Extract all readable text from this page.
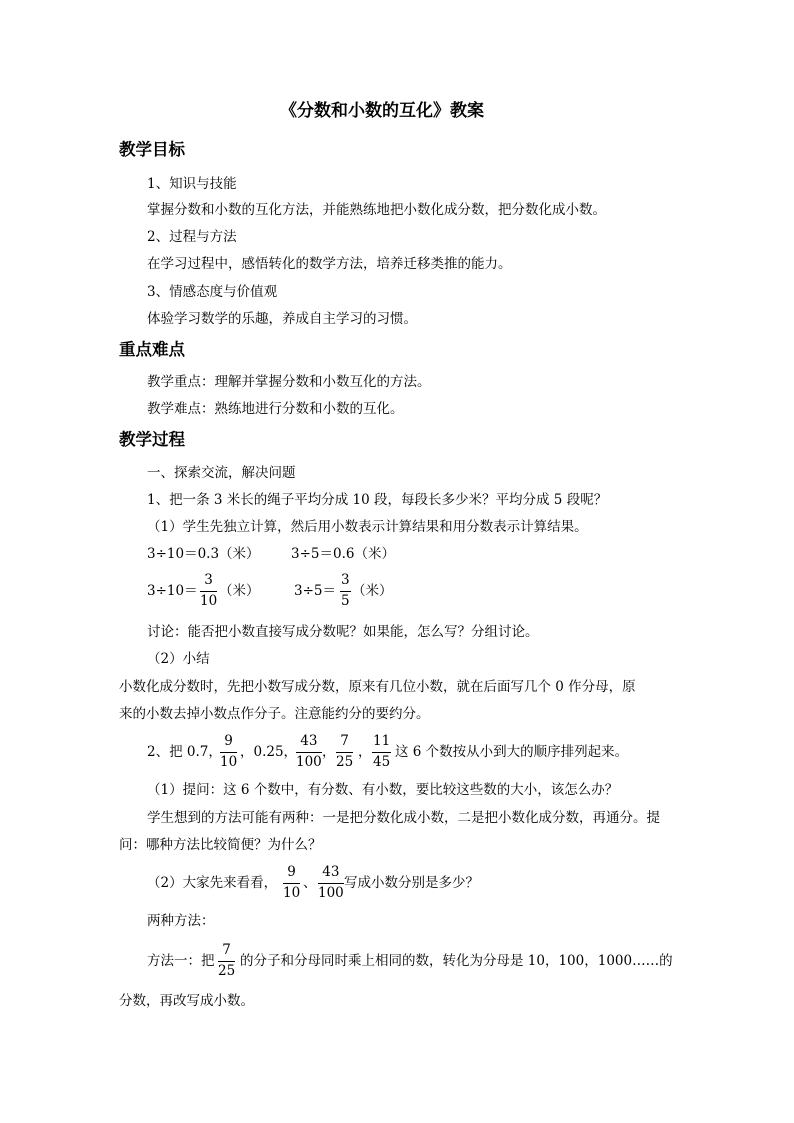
《分数和小数的互化》教案
教学目标
1、知识与技能
掌握分数和小数的互化方法，并能熟练地把小数化成分数，把分数化成小数。
2、过程与方法
在学习过程中，感悟转化的数学方法，培养迁移类推的能力。
3、情感态度与价值观
体验学习数学的乐趣，养成自主学习的习惯。
重点难点
教学重点：理解并掌握分数和小数互化的方法。
教学难点：熟练地进行分数和小数的互化。
教学过程
一、探索交流，解决问题
1、把一条 3 米长的绳子平均分成 10 段，每段长多少米？平均分成 5 段呢？
（1）学生先独立计算，然后用小数表示计算结果和用分数表示计算结果。
3÷10＝0.3（米） 3÷5＝0.6（米）
3÷10＝
3
10
（米）	3÷5＝
3
5
（米）
讨论：能否把小数直接写成分数呢？如果能，怎么写？分组讨论。
（2）小结
小数化成分数时，先把小数写成分数，原来有几位小数，就在后面写几个 0 作分母，原
来的小数去掉小数点作分子。注意能约分的要约分。
2、把 0.7，
9
10
，0.25，
43
100
，
7
25
，
11
45
这 6 个数按从小到大的顺序排列起来。
（1）提问：这 6 个数中，有分数、有小数，要比较这些数的大小，该怎么办？
学生想到的方法可能有两种：一是把分数化成小数，二是把小数化成分数，再通分。提
问：哪种方法比较简便？为什么？
（2）大家先来看看，
9
10
、
43
100
写成小数分别是多少？
两种方法：
方法一：把
7
25
的分子和分母同时乘上相同的数，转化为分母是 10，100，1000……的
分数，再改写成小数。
